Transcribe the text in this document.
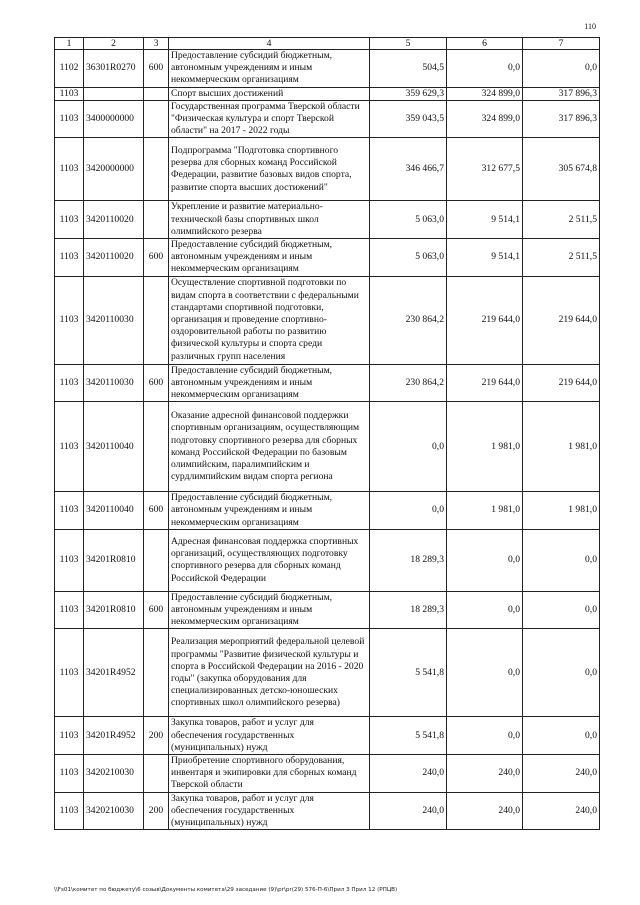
110
1	2	3	4	5	6	7
1102	36301R0270	600	Предоставление субсидий бюджетным, автономным учреждениям и иным некоммерческим организациям	504,5	0,0	0,0
1103			Спорт высших достижений	359 629,3	324 899,0	317 896,3
1103	3400000000		Государственная программа Тверской области "Физическая культура и спорт Тверской области" на 2017 - 2022 годы	359 043,5	324 899,0	317 896,3
1103	3420000000		Подпрограмма "Подготовка спортивного резерва для сборных команд Российской Федерации, развитие базовых видов спорта, развитие спорта высших достижений"	346 466,7	312 677,5	305 674,8
1103	3420110020		Укрепление и развитие материально-технической базы спортивных школ олимпийского резерва	5 063,0	9 514,1	2 511,5
1103	3420110020	600	Предоставление субсидий бюджетным, автономным учреждениям и иным некоммерческим организациям	5 063,0	9 514,1	2 511,5
1103	3420110030		Осуществление спортивной подготовки по видам спорта в соответствии с федеральными стандартами спортивной подготовки, организация и проведение спортивно-оздоровительной работы по развитию физической культуры и спорта среди различных групп населения	230 864,2	219 644,0	219 644,0
1103	3420110030	600	Предоставление субсидий бюджетным, автономным учреждениям и иным некоммерческим организациям	230 864,2	219 644,0	219 644,0
1103	3420110040		Оказание адресной финансовой поддержки спортивным организациям, осуществляющим подготовку спортивного резерва для сборных команд Российской Федерации по базовым олимпийским, паралимпийским и сурдлимпийским видам спорта региона	0,0	1 981,0	1 981,0
1103	3420110040	600	Предоставление субсидий бюджетным, автономным учреждениям и иным некоммерческим организациям	0,0	1 981,0	1 981,0
1103	34201R0810		Адресная финансовая поддержка спортивных организаций, осуществляющих подготовку спортивного резерва для сборных команд Российской Федерации	18 289,3	0,0	0,0
1103	34201R0810	600	Предоставление субсидий бюджетным, автономным учреждениям и иным некоммерческим организациям	18 289,3	0,0	0,0
1103	34201R4952		Реализация мероприятий федеральной целевой программы "Развитие физической культуры и спорта в Российской Федерации на 2016 - 2020 годы" (закупка оборудования для специализированных детско-юношеских спортивных школ олимпийского резерва)	5 541,8	0,0	0,0
1103	34201R4952	200	Закупка товаров, работ и услуг для обеспечения государственных (муниципальных) нужд	5 541,8	0,0	0,0
1103	3420210030		Приобретение спортивного оборудования, инвентаря и экипировки для сборных команд Тверской области	240,0	240,0	240,0
1103	3420210030	200	Закупка товаров, работ и услуг для обеспечения государственных (муниципальных) нужд	240,0	240,0	240,0
\\Fs01\комитет по бюджету\6 созыв\Документы комитета\29 заседание (9)\pr\pr(29) 576-П-6\Прил 3 Прил 12 (РПЦВ)
